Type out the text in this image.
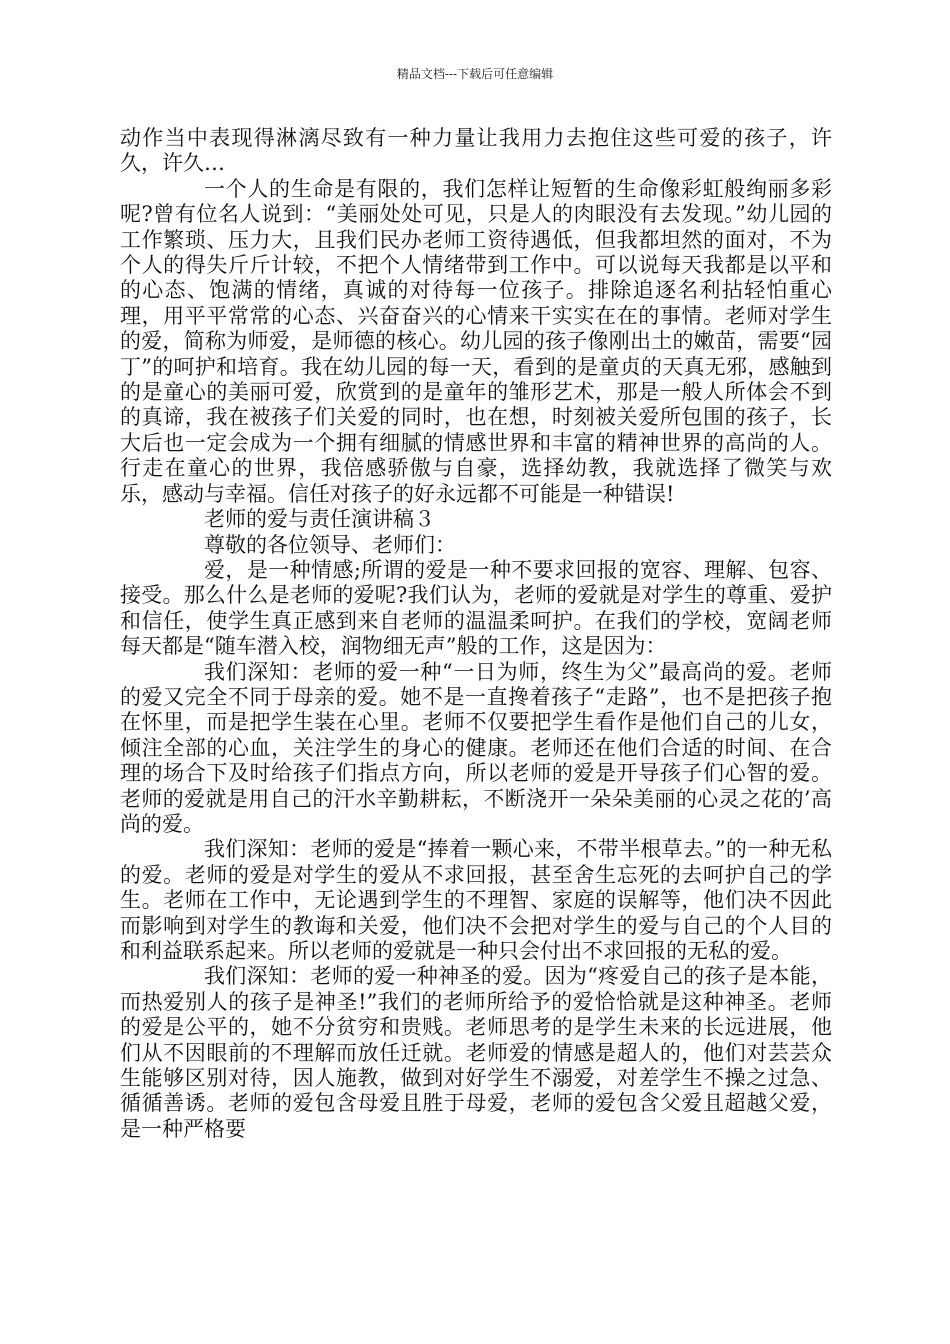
精品文档---下载后可任意编辑

动作当中表现得淋漓尽致有一种力量让我用力去抱住这些可爱的孩子，许久，许久…

一个人的生命是有限的，我们怎样让短暂的生命像彩虹般绚丽多彩呢?曾有位名人说到：“美丽处处可见，只是人的肉眼没有去发现。”幼儿园的工作繁琐、压力大，且我们民办老师工资待遇低，但我都坦然的面对，不为个人的得失斤斤计较，不把个人情绪带到工作中。可以说每天我都是以平和的心态、饱满的情绪，真诚的对待每一位孩子。排除追逐名利拈轻怕重心理，用平平常常的心态、兴奋奋兴的心情来干实实在在的事情。老师对学生的爱，简称为师爱，是师德的核心。幼儿园的孩子像刚出土的嫩苗，需要“园丁”的呵护和培育。我在幼儿园的每一天，看到的是童贞的天真无邪，感触到的是童心的美丽可爱，欣赏到的是童年的雏形艺术，那是一般人所体会不到的真谛，我在被孩子们关爱的同时，也在想，时刻被关爱所包围的孩子，长大后也一定会成为一个拥有细腻的情感世界和丰富的精神世界的高尚的人。 行走在童心的世界，我倍感骄傲与自豪，选择幼教，我就选择了微笑与欢乐，感动与幸福。信任对孩子的好永远都不可能是一种错误!

老师的爱与责任演讲稿３

尊敬的各位领导、老师们：

爱，是一种情感;所谓的爱是一种不要求回报的宽容、理解、包容、接受。那么什么是老师的爱呢?我们认为，老师的爱就是对学生的尊重、爱护和信任，使学生真正感到来自老师的温温柔呵护。在我们的学校，宽阔老师每天都是“随车潜入校，润物细无声”般的工作，这是因为：

我们深知：老师的爱一种“一日为师，终生为父”最高尚的爱。老师的爱又完全不同于母亲的爱。她不是一直搀着孩子“走路”，也不是把孩子抱在怀里，而是把学生装在心里。老师不仅要把学生看作是他们自己的儿女，倾注全部的心血，关注学生的身心的健康。老师还在他们合适的时间、在合理的场合下及时给孩子们指点方向，所以老师的爱是开导孩子们心智的爱。老师的爱就是用自己的汗水辛勤耕耘，不断浇开一朵朵美丽的心灵之花的’高尚的爱。

我们深知：老师的爱是“捧着一颗心来，不带半根草去。”的一种无私的爱。老师的爱是对学生的爱从不求回报，甚至舍生忘死的去呵护自己的学生。老师在工作中，无论遇到学生的不理智、家庭的误解等，他们决不因此而影响到对学生的教诲和关爱，他们决不会把对学生的爱与自己的个人目的和利益联系起来。所以老师的爱就是一种只会付出不求回报的无私的爱。

我们深知：老师的爱一种神圣的爱。因为“疼爱自己的孩子是本能，而热爱别人的孩子是神圣!”我们的老师所给予的爱恰恰就是这种神圣。老师的爱是公平的，她不分贫穷和贵贱。老师思考的是学生未来的长远进展，他们从不因眼前的不理解而放任迁就。老师爱的情感是超人的，他们对芸芸众生能够区别对待，因人施教，做到对好学生不溺爱，对差学生不操之过急、循循善诱。老师的爱包含母爱且胜于母爱，老师的爱包含父爱且超越父爱，是一种严格要
